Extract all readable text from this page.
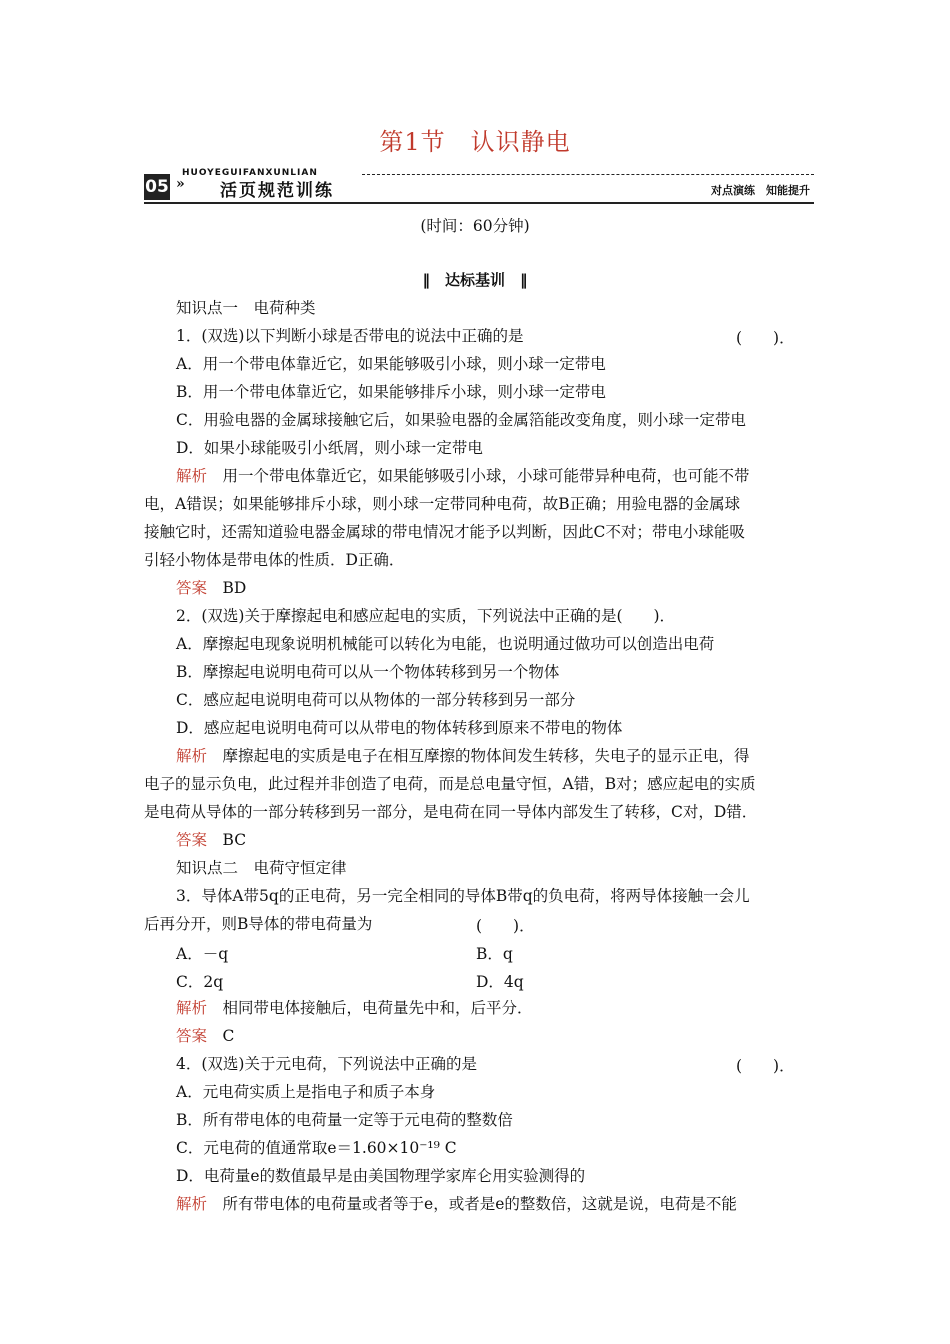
第1节　认识静电
HUOYEGUIFANXUNLIAN
05 » 活页规范训练	对点演练　知能提升
(时间：60分钟)
‖　达标基训　‖
知识点一　电荷种类
1．(双选)以下判断小球是否带电的说法中正确的是	(　　)．
A．用一个带电体靠近它，如果能够吸引小球，则小球一定带电
B．用一个带电体靠近它，如果能够排斥小球，则小球一定带电
C．用验电器的金属球接触它后，如果验电器的金属箔能改变角度，则小球一定带电
D．如果小球能吸引小纸屑，则小球一定带电
解析　用一个带电体靠近它，如果能够吸引小球，小球可能带异种电荷，也可能不带
电，A错误；如果能够排斥小球，则小球一定带同种电荷，故B正确；用验电器的金属球
接触它时，还需知道验电器金属球的带电情况才能予以判断，因此C不对；带电小球能吸
引轻小物体是带电体的性质．D正确．
答案　BD
2．(双选)关于摩擦起电和感应起电的实质，下列说法中正确的是(　　)．
A．摩擦起电现象说明机械能可以转化为电能，也说明通过做功可以创造出电荷
B．摩擦起电说明电荷可以从一个物体转移到另一个物体
C．感应起电说明电荷可以从物体的一部分转移到另一部分
D．感应起电说明电荷可以从带电的物体转移到原来不带电的物体
解析　摩擦起电的实质是电子在相互摩擦的物体间发生转移，失电子的显示正电，得
电子的显示负电，此过程并非创造了电荷，而是总电量守恒，A错，B对；感应起电的实质
是电荷从导体的一部分转移到另一部分，是电荷在同一导体内部发生了转移，C对，D错．
答案　BC
知识点二　电荷守恒定律
3．导体A带5q的正电荷，另一完全相同的导体B带q的负电荷，将两导体接触一会儿
后再分开，则B导体的带电荷量为	(　　)．
A．－q	B．q
C．2q	D．4q
解析　相同带电体接触后，电荷量先中和，后平分．
答案　C
4．(双选)关于元电荷，下列说法中正确的是	(　　)．
A．元电荷实质上是指电子和质子本身
B．所有带电体的电荷量一定等于元电荷的整数倍
C．元电荷的值通常取e＝1.60×10⁻¹⁹ C
D．电荷量e的数值最早是由美国物理学家库仑用实验测得的
解析　所有带电体的电荷量或者等于e，或者是e的整数倍，这就是说，电荷是不能
